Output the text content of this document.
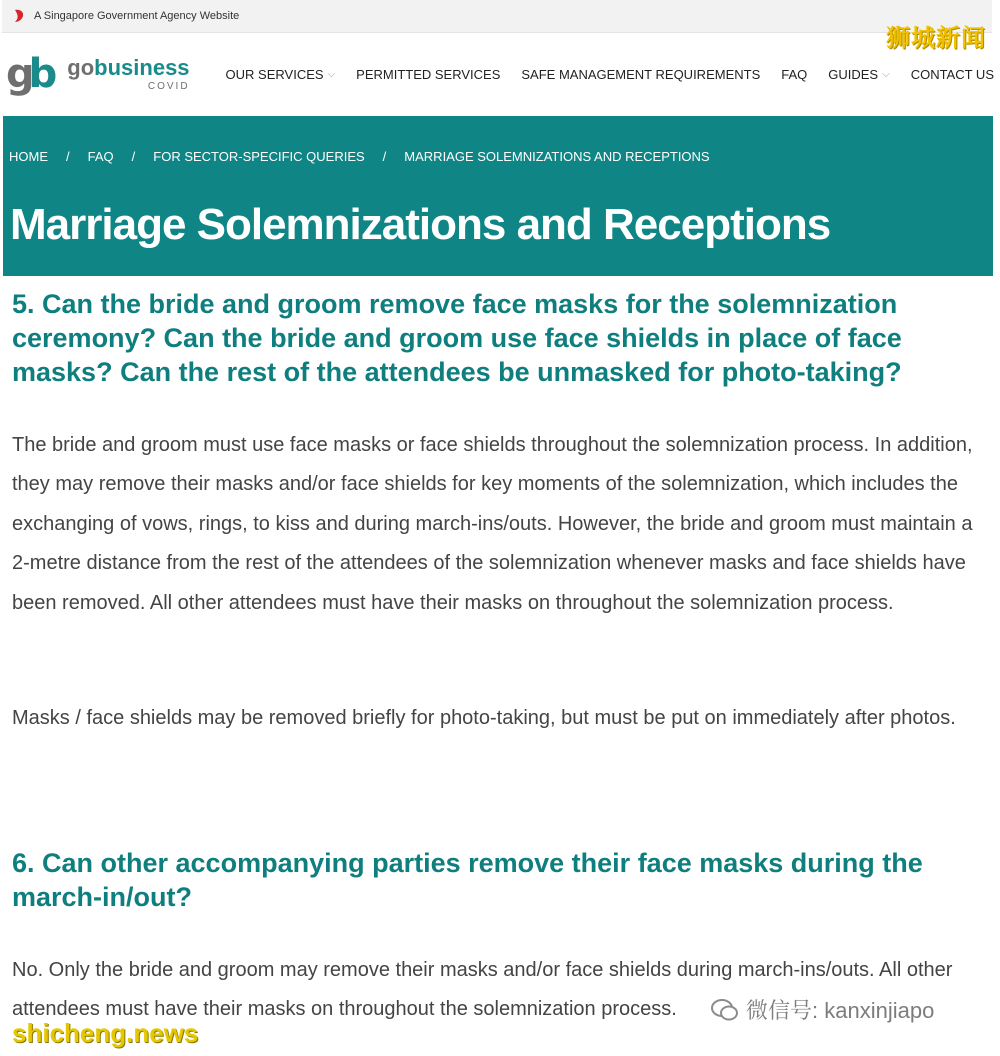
A Singapore Government Agency Website
狮城新闻
gb gobusiness
COVID
OUR SERVICES ⌵ PERMITTED SERVICES SAFE MANAGEMENT REQUIREMENTS FAQ GUIDES ⌵ CONTACT US
HOME / FAQ / FOR SECTOR-SPECIFIC QUERIES / MARRIAGE SOLEMNIZATIONS AND RECEPTIONS
Marriage Solemnizations and Receptions
5. Can the bride and groom remove face masks for the solemnization ceremony? Can the bride and groom use face shields in place of face masks? Can the rest of the attendees be unmasked for photo-taking?

The bride and groom must use face masks or face shields throughout the solemnization process. In addition, they may remove their masks and/or face shields for key moments of the solemnization, which includes the exchanging of vows, rings, to kiss and during march-ins/outs. However, the bride and groom must maintain a 2-metre distance from the rest of the attendees of the solemnization whenever masks and face shields have been removed. All other attendees must have their masks on throughout the solemnization process.

Masks / face shields may be removed briefly for photo-taking, but must be put on immediately after photos.

6. Can other accompanying parties remove their face masks during the march-in/out?

No. Only the bride and groom may remove their masks and/or face shields during march-ins/outs. All other attendees must have their masks on throughout the solemnization process.	微信号: kanxinjiapo
shicheng.news
